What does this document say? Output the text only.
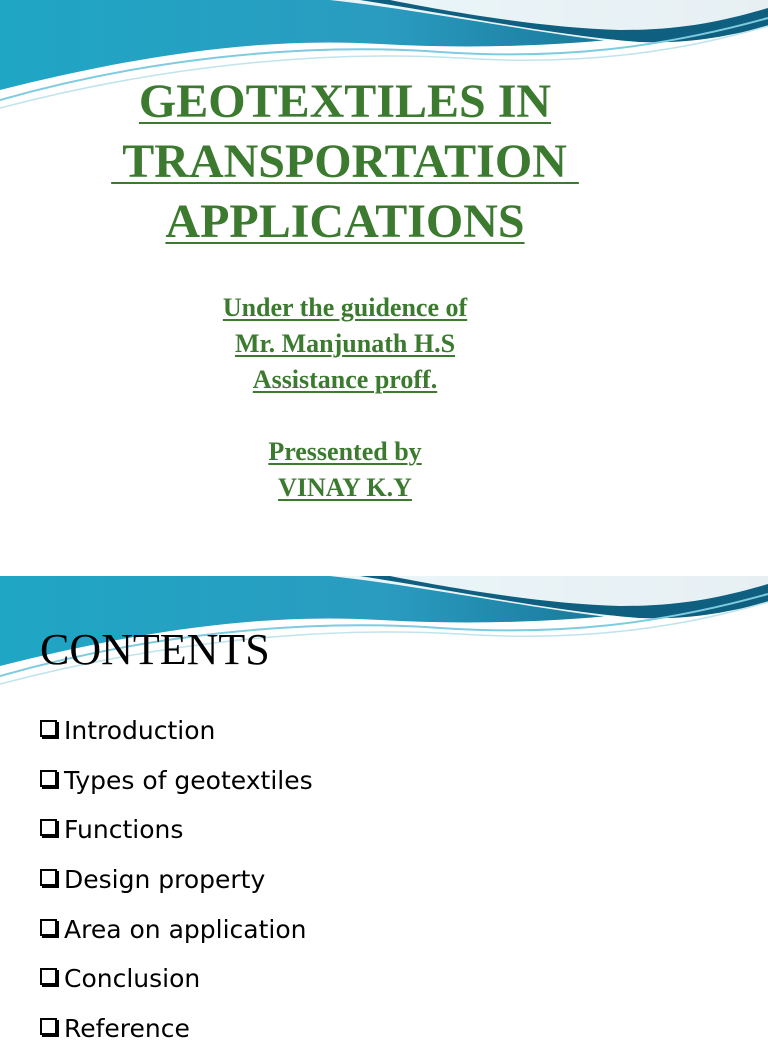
GEOTEXTILES IN
TRANSPORTATION
APPLICATIONS
Under the guidence of
Mr. Manjunath H.S
Assistance proff.
Pressented by
VINAY K.Y
CONTENTS
Introduction
Types of geotextiles
Functions
Design property
Area on application
Conclusion
Reference
